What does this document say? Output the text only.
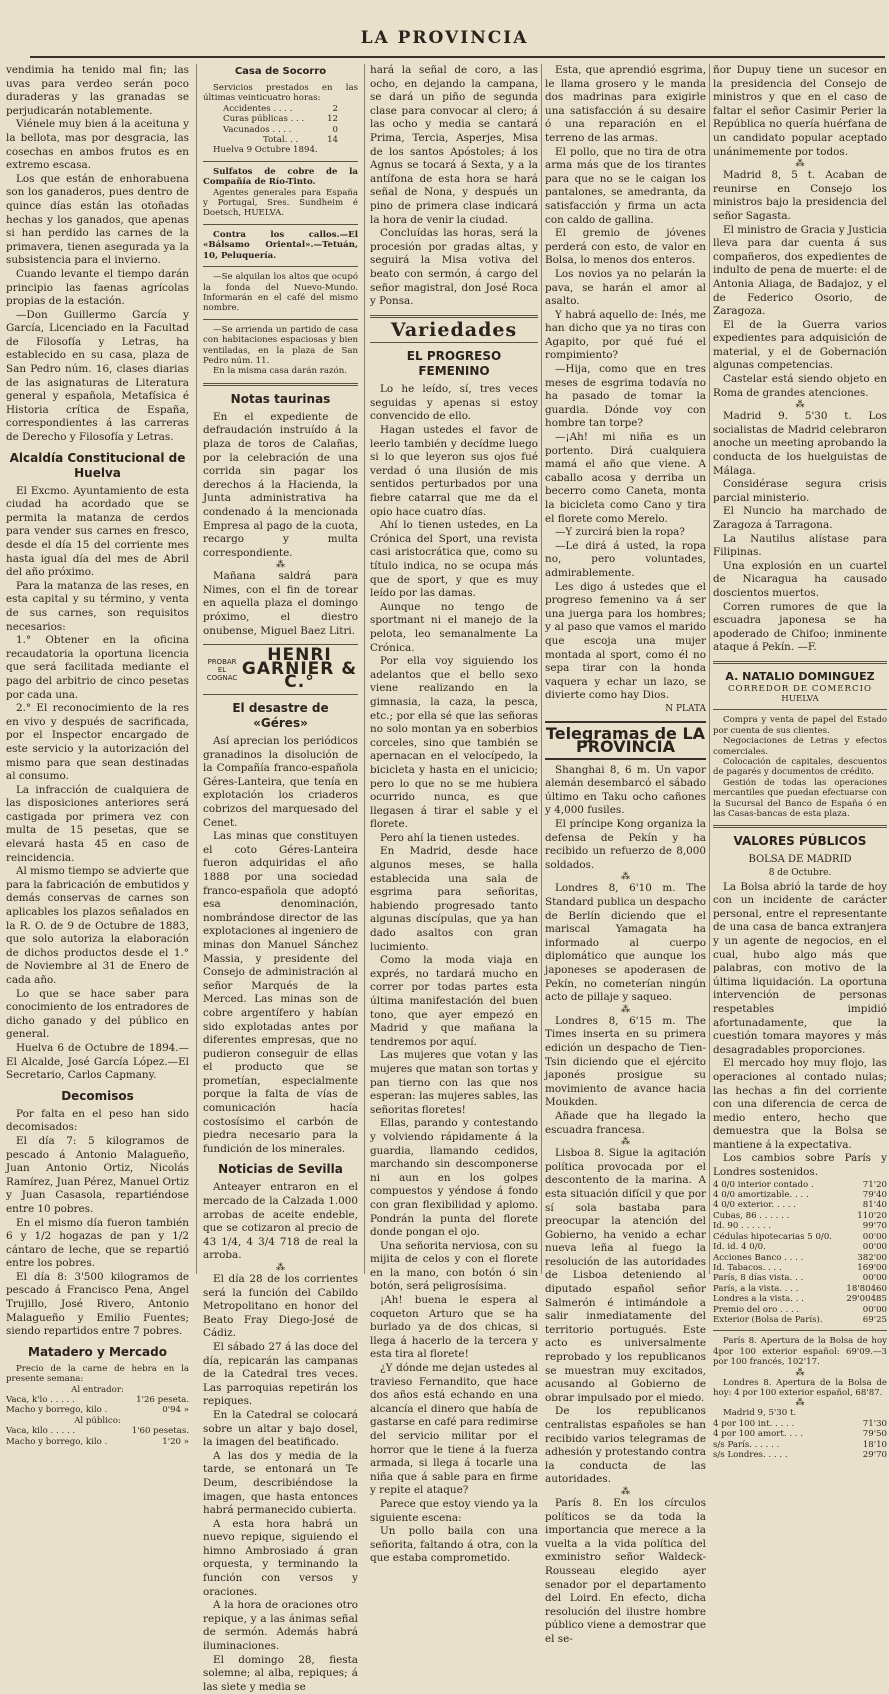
LA PROVINCIA

vendimia ha tenido mal fin; las uvas para verdeo serán poco duraderas y las granadas se perjudicarán notablemente.

Viénele muy bien á la aceituna y la bellota, mas por desgracia, las cosechas en ambos frutos es en extremo escasa.

Los que están de enhorabuena son los ganaderos, pues dentro de quince días están las otoñadas hechas y los ganados, que apenas si han perdido las carnes de la primavera, tienen asegurada ya la subsistencia para el invierno.

Cuando levante el tiempo darán principio las faenas agrícolas propias de la estación.

—Don Guillermo García y García, Licenciado en la Facultad de Filosofía y Letras, ha establecido en su casa, plaza de San Pedro núm. 16, clases diarias de las asignaturas de Literatura general y española, Metafísica é Historia crítica de España, correspondientes á las carreras de Derecho y Filosofía y Letras.

Alcaldía Constitucional de Huelva

El Excmo. Ayuntamiento de esta ciudad ha acordado que se permita la matanza de cerdos para vender sus carnes en fresco, desde el día 15 del corriente mes hasta igual día del mes de Abril del año próximo.

Para la matanza de las reses, en esta capital y su término, y venta de sus carnes, son requisitos necesarios:

1.° Obtener en la oficina recaudatoria la oportuna licencia que será facilitada mediante el pago del arbitrio de cinco pesetas por cada una.

2.° El reconocimiento de la res en vivo y después de sacrificada, por el Inspector encargado de este servicio y la autorización del mismo para que sean destinadas al consumo.

La infracción de cualquiera de las disposiciones anteriores será castigada por primera vez con multa de 15 pesetas, que se elevará hasta 45 en caso de reincidencia.

Al mismo tiempo se advierte que para la fabricación de embutidos y demás conservas de carnes son aplicables los plazos señalados en la R. O. de 9 de Octubre de 1883, que solo autoriza la elaboración de dichos productos desde el 1.° de Noviembre al 31 de Enero de cada año.

Lo que se hace saber para conocimiento de los entradores de dicho ganado y del público en general.

Huelva 6 de Octubre de 1894.— El Alcalde, José García López.—El Secretario, Carlos Capmany.

Decomisos

Por falta en el peso han sido decomisados:

El día 7: 5 kilogramos de pescado á Antonio Malagueño, Juan Antonio Ortiz, Nicolás Ramírez, Juan Pérez, Manuel Ortiz y Juan Casasola, repartiéndose entre 10 pobres.

En el mismo día fueron también 6 y 1/2 hogazas de pan y 1/2 cántaro de leche, que se repartió entre los pobres.

El día 8: 3'500 kilogramos de pescado á Francisco Pena, Angel Trujillo, José Rivero, Antonio Malagueño y Emilio Fuentes; siendo repartidos entre 7 pobres.

Matadero y Mercado

Precio de la carne de hebra en la presente semana:

Al entrador:

Vaca, k'lo . . . . .	1'26 peseta.
Macho y borrego, kilo .	0'94 »

Al público:

Vaca, kilo . . . . .	1'60 pesetas.
Macho y borrego, kilo .	1'20 »
Casa de Socorro

Servicios prestados en las últimas veinticuatro horas:

Accidentes . . . .	2
Curas públicas . . .	12
Vacunados . . . .	0
Total. . .	14

Huelva 9 Octubre 1894.

Sulfatos de cobre de la Compañía de Río-Tinto.

Agentes generales para España y Portugal, Sres. Sundheim é Doetsch, HUELVA.

Contra los callos.—El «Bálsamo Oriental».—Tetuán, 10, Peluquería.

—Se alquilan los altos que ocupó la fonda del Nuevo-Mundo. Informarán en el café del mismo nombre.

—Se arrienda un partido de casa con habitaciones espaciosas y bien ventiladas, en la plaza de San Pedro núm. 11.

En la misma casa darán razón.

Notas taurinas

En el expediente de defraudación instruído á la plaza de toros de Calañas, por la celebración de una corrida sin pagar los derechos á la Hacienda, la Junta administrativa ha condenado á la mencionada Empresa al pago de la cuota, recargo y multa correspondiente.

⁂

Mañana saldrá para Nimes, con el fin de torear en aquella plaza el domingo próximo, el diestro onubense, Miguel Baez Litri.

PROBAR EL COGNAC
HENRI GARNIER & C.°
El desastre de «Géres»

Así aprecian los periódicos granadinos la disolución de la Compañía franco-española Géres-Lanteira, que tenía en explotación los criaderos cobrizos del marquesado del Cenet.

Las minas que constituyen el coto Géres-Lanteira fueron adquiridas el año 1888 por una sociedad franco-española que adoptó esa denominación, nombrándose director de las explotaciones al ingeniero de minas don Manuel Sánchez Massia, y presidente del Consejo de administración al señor Marqués de la Merced. Las minas son de cobre argentífero y habían sido explotadas antes por diferentes empresas, que no pudieron conseguir de ellas el producto que se prometían, especialmente porque la falta de vías de comunicación hacía costosísimo el carbón de piedra necesario para la fundición de los minerales.

Noticias de Sevilla

Anteayer entraron en el mercado de la Calzada 1.000 arrobas de aceite endeble, que se cotizaron al precio de 43 1/4, 4 3/4 718 de real la arroba.

⁂

El día 28 de los corrientes será la función del Cabildo Metropolitano en honor del Beato Fray Diego-José de Cádiz.

El sábado 27 á las doce del día, repicarán las campanas de la Catedral tres veces. Las parroquias repetirán los repiques.

En la Catedral se colocará sobre un altar y bajo dosel, la imagen del beatificado.

A las dos y media de la tarde, se entonará un Te Deum, describiéndose la imagen, que hasta entonces habrá permanecido cubierta.

A esta hora habrá un nuevo repique, siguiendo el himno Ambrosiado á gran orquesta, y terminando la función con versos y oraciones.

A la hora de oraciones otro repique, y a las ánimas señal de sermón. Además habrá iluminaciones.

El domingo 28, fiesta solemne; al alba, repiques; á las siete y media se

hará la señal de coro, a las ocho, en dejando la campana, se dará un piño de segunda clase para convocar al clero; á las ocho y media se cantará Prima, Tercia, Asperjes, Misa de los santos Apóstoles; á los Agnus se tocará á Sexta, y a la antífona de esta hora se hará señal de Nona, y después un pino de primera clase indicará la hora de venir la ciudad.

Concluídas las horas, será la procesión por gradas altas, y seguirá la Misa votiva del beato con sermón, á cargo del señor magistral, don José Roca y Ponsa.

Variedades
EL PROGRESO FEMENINO

Lo he leído, sí, tres veces seguidas y apenas si estoy convencido de ello.

Hagan ustedes el favor de leerlo también y decídme luego si lo que leyeron sus ojos fué verdad ó una ilusión de mis sentidos perturbados por una fiebre catarral que me da el opio hace cuatro días.

Ahí lo tienen ustedes, en La Crónica del Sport, una revista casi aristocrática que, como su título indica, no se ocupa más que de sport, y que es muy leído por las damas.

Aunque no tengo de sportmant ni el manejo de la pelota, leo semanalmente La Crónica.

Por ella voy siguiendo los adelantos que el bello sexo viene realizando en la gimnasia, la caza, la pesca, etc.; por ella sé que las señoras no solo montan ya en soberbios corceles, sino que también se apernacan en el velocípedo, la bicicleta y hasta en el unicicio; pero lo que no se me hubiera ocurrido nunca, es que llegasen á tirar el sable y el florete.

Pero ahí la tienen ustedes.

En Madrid, desde hace algunos meses, se halla establecida una sala de esgrima para señoritas, habiendo progresado tanto algunas discípulas, que ya han dado asaltos con gran lucimiento.

Como la moda viaja en exprés, no tardará mucho en correr por todas partes esta última manifestación del buen tono, que ayer empezó en Madrid y que mañana la tendremos por aquí.

Las mujeres que votan y las mujeres que matan son tortas y pan tierno con las que nos esperan: las mujeres sables, las señoritas floretes!

Ellas, parando y contestando y volviendo rápidamente á la guardia, llamando cedidos, marchando sin descomponerse ni aun en los golpes compuestos y yéndose á fondo con gran flexibilidad y aplomo. Pondrán la punta del florete donde pongan el ojo.

Una señorita nerviosa, con su mijita de celos y con el florete en la mano, con botón ó sin botón, será peligrosísima.

¡Ah! buena le espera al coqueton Arturo que se ha burlado ya de dos chicas, si llega á hacerlo de la tercera y esta tira al florete!

¿Y dónde me dejan ustedes al travieso Fernandito, que hace dos años está echando en una alcancía el dinero que había de gastarse en café para redimirse del servicio militar por el horror que le tiene á la fuerza armada, si llega á tocarle una niña que á sable para en firme y repite el ataque?

Parece que estoy viendo ya la siguiente escena:

Un pollo baila con una señorita, faltando á otra, con la que estaba comprometido.

Esta, que aprendió esgrima, le llama grosero y le manda dos madrinas para exigirle una satisfacción á su desaire ó una reparación en el terreno de las armas.

El pollo, que no tira de otra arma más que de los tirantes para que no se le caigan los pantalones, se amedranta, da satisfacción y firma un acta con caldo de gallina.

El gremio de jóvenes perderá con esto, de valor en Bolsa, lo menos dos enteros.

Los novios ya no pelarán la pava, se harán el amor al asalto.

Y habrá aquello de: Inés, me han dicho que ya no tiras con Agapito, por qué fué el rompimiento?

—Hija, como que en tres meses de esgrima todavía no ha pasado de tomar la guardia. Dónde voy con hombre tan torpe?

—¡Ah! mi niña es un portento. Dirá cualquiera mamá el año que viene. A caballo acosa y derriba un becerro como Caneta, monta la bicicleta como Cano y tira el florete como Merelo.

—Y zurcirá bien la ropa?

—Le dirá á usted, la ropa no, pero voluntades, admirablemente.

Les digo á ustedes que el progreso femenino va á ser una juerga para los hombres; y al paso que vamos el marido que escoja una mujer montada al sport, como él no sepa tirar con la honda vaquera y echar un lazo, se divierte como hay Dios.

N PLATA

Telegramas de LA PROVINCIA

Shanghai 8, 6 m. Un vapor alemán desembarcó el sábado último en Taku ocho cañones y 4,000 fusiles.

El príncipe Kong organiza la defensa de Pekín y ha recibido un refuerzo de 8,000 soldados.

⁂

Londres 8, 6'10 m. The Standard publica un despacho de Berlín diciendo que el mariscal Yamagata ha informado al cuerpo diplomático que aunque los japoneses se apoderasen de Pekín, no cometerían ningún acto de pillaje y saqueo.

⁂

Londres 8, 6'15 m. The Times inserta en su primera edición un despacho de Tien-Tsin diciendo que el ejército japonés prosigue su movimiento de avance hacia Moukden.

Añade que ha llegado la escuadra francesa.

⁂

Lisboa 8. Sigue la agitación política provocada por el descontento de la marina. A esta situación difícil y que por sí sola bastaba para preocupar la atención del Gobierno, ha venido a echar nueva leña al fuego la resolución de las autoridades de Lisboa deteniendo al diputado español señor Salmerón é intimándole a salir inmediatamente del territorio portugués. Este acto es universalmente reprobado y los republicanos se muestran muy excitados, acusando al Gobierno de obrar impulsado por el miedo.

De los republicanos centralistas españoles se han recibido varios telegramas de adhesión y protestando contra la conducta de las autoridades.

⁂

París 8. En los círculos políticos se da toda la importancia que merece a la vuelta a la vida política del exministro señor Waldeck-Rousseau elegido ayer senador por el departamento del Loird. En efecto, dicha resolución del ilustre hombre público viene a demostrar que el se-

ñor Dupuy tiene un sucesor en la presidencia del Consejo de ministros y que en el caso de faltar el señor Casimir Perier la República no quería huérfana de un candidato popular aceptado unánimemente por todos.

⁂

Madrid 8, 5 t. Acaban de reunirse en Consejo los ministros bajo la presidencia del señor Sagasta.

El ministro de Gracia y Justicia lleva para dar cuenta á sus compañeros, dos expedientes de indulto de pena de muerte: el de Antonia Aliaga, de Badajoz, y el de Federico Osorio, de Zaragoza.

El de la Guerra varios expedientes para adquisición de material, y el de Gobernación algunas competencias.

Castelar está siendo objeto en Roma de grandes atenciones.

⁂

Madrid 9. 5'30 t. Los socialistas de Madrid celebraron anoche un meeting aprobando la conducta de los huelguistas de Málaga.

Considérase segura crisis parcial ministerio.

El Nuncio ha marchado de Zaragoza á Tarragona.

La Nautilus alístase para Filipinas.

Una explosión en un cuartel de Nicaragua ha causado doscientos muertos.

Corren rumores de que la escuadra japonesa se ha apoderado de Chifoo; inminente ataque á Pekín. —F.

A. NATALIO DOMINGUEZ
CORREDOR DE COMERCIO
HUELVA

Compra y venta de papel del Estado por cuenta de sus clientes.

Negociaciones de Letras y efectos comerciales.

Colocación de capitales, descuentos de pagarés y documentos de crédito.

Gestión de todas las operaciones mercantiles que puedan efectuarse con la Sucursal del Banco de España ó en las Casas-bancas de esta plaza.

VALORES PÚBLICOS

BOLSA DE MADRID

8 de Octubre.

La Bolsa abrió la tarde de hoy con un incidente de carácter personal, entre el representante de una casa de banca extranjera y un agente de negocios, en el cual, hubo algo más que palabras, con motivo de la última liquidación. La oportuna intervención de personas respetables impidió afortunadamente, que la cuestión tomara mayores y más desagradables proporciones.

El mercado hoy muy flojo, las operaciones al contado nulas; las hechas a fin del corriente con una diferencia de cerca de medio entero, hecho que demuestra que la Bolsa se mantiene á la expectativa.

Los cambios sobre París y Londres sostenidos.

4 0/0 interior contado .	71'20
4 0/0 amortizable. . . .	79'40
4 0/0 exterior. . . . .	81'40
Cubas, 86 . . . . . .	110'20
Id. 90 . . . . . .	99'70
Cédulas hipotecarias 5 0/0.	00'00
Id. id. 4 0/0.	00'00
Acciones Banco . . . .	382'00
Id. Tabacos. . . .	169'00
París, 8 días vista. . .	00'00
París, a la vista. . . .	18'80460
Londres a la vista. . .	29'00485
Premio del oro . . . .	00'00
Exterior (Bolsa de París).	69'25

París 8. Apertura de la Bolsa de hoy 4por 100 exterior español: 69'09.—3 por 100 francés, 102'17.

⁂

Londres 8. Apertura de la Bolsa de hoy: 4 por 100 exterior español, 68'87.

⁂

Madrid 9, 5'30 t.

4 por 100 int. . . . .	71'30
4 por 100 amort. . . .	79'50
s/s París. . . . . .	18'10
s/s Londres. . . . .	29'70
